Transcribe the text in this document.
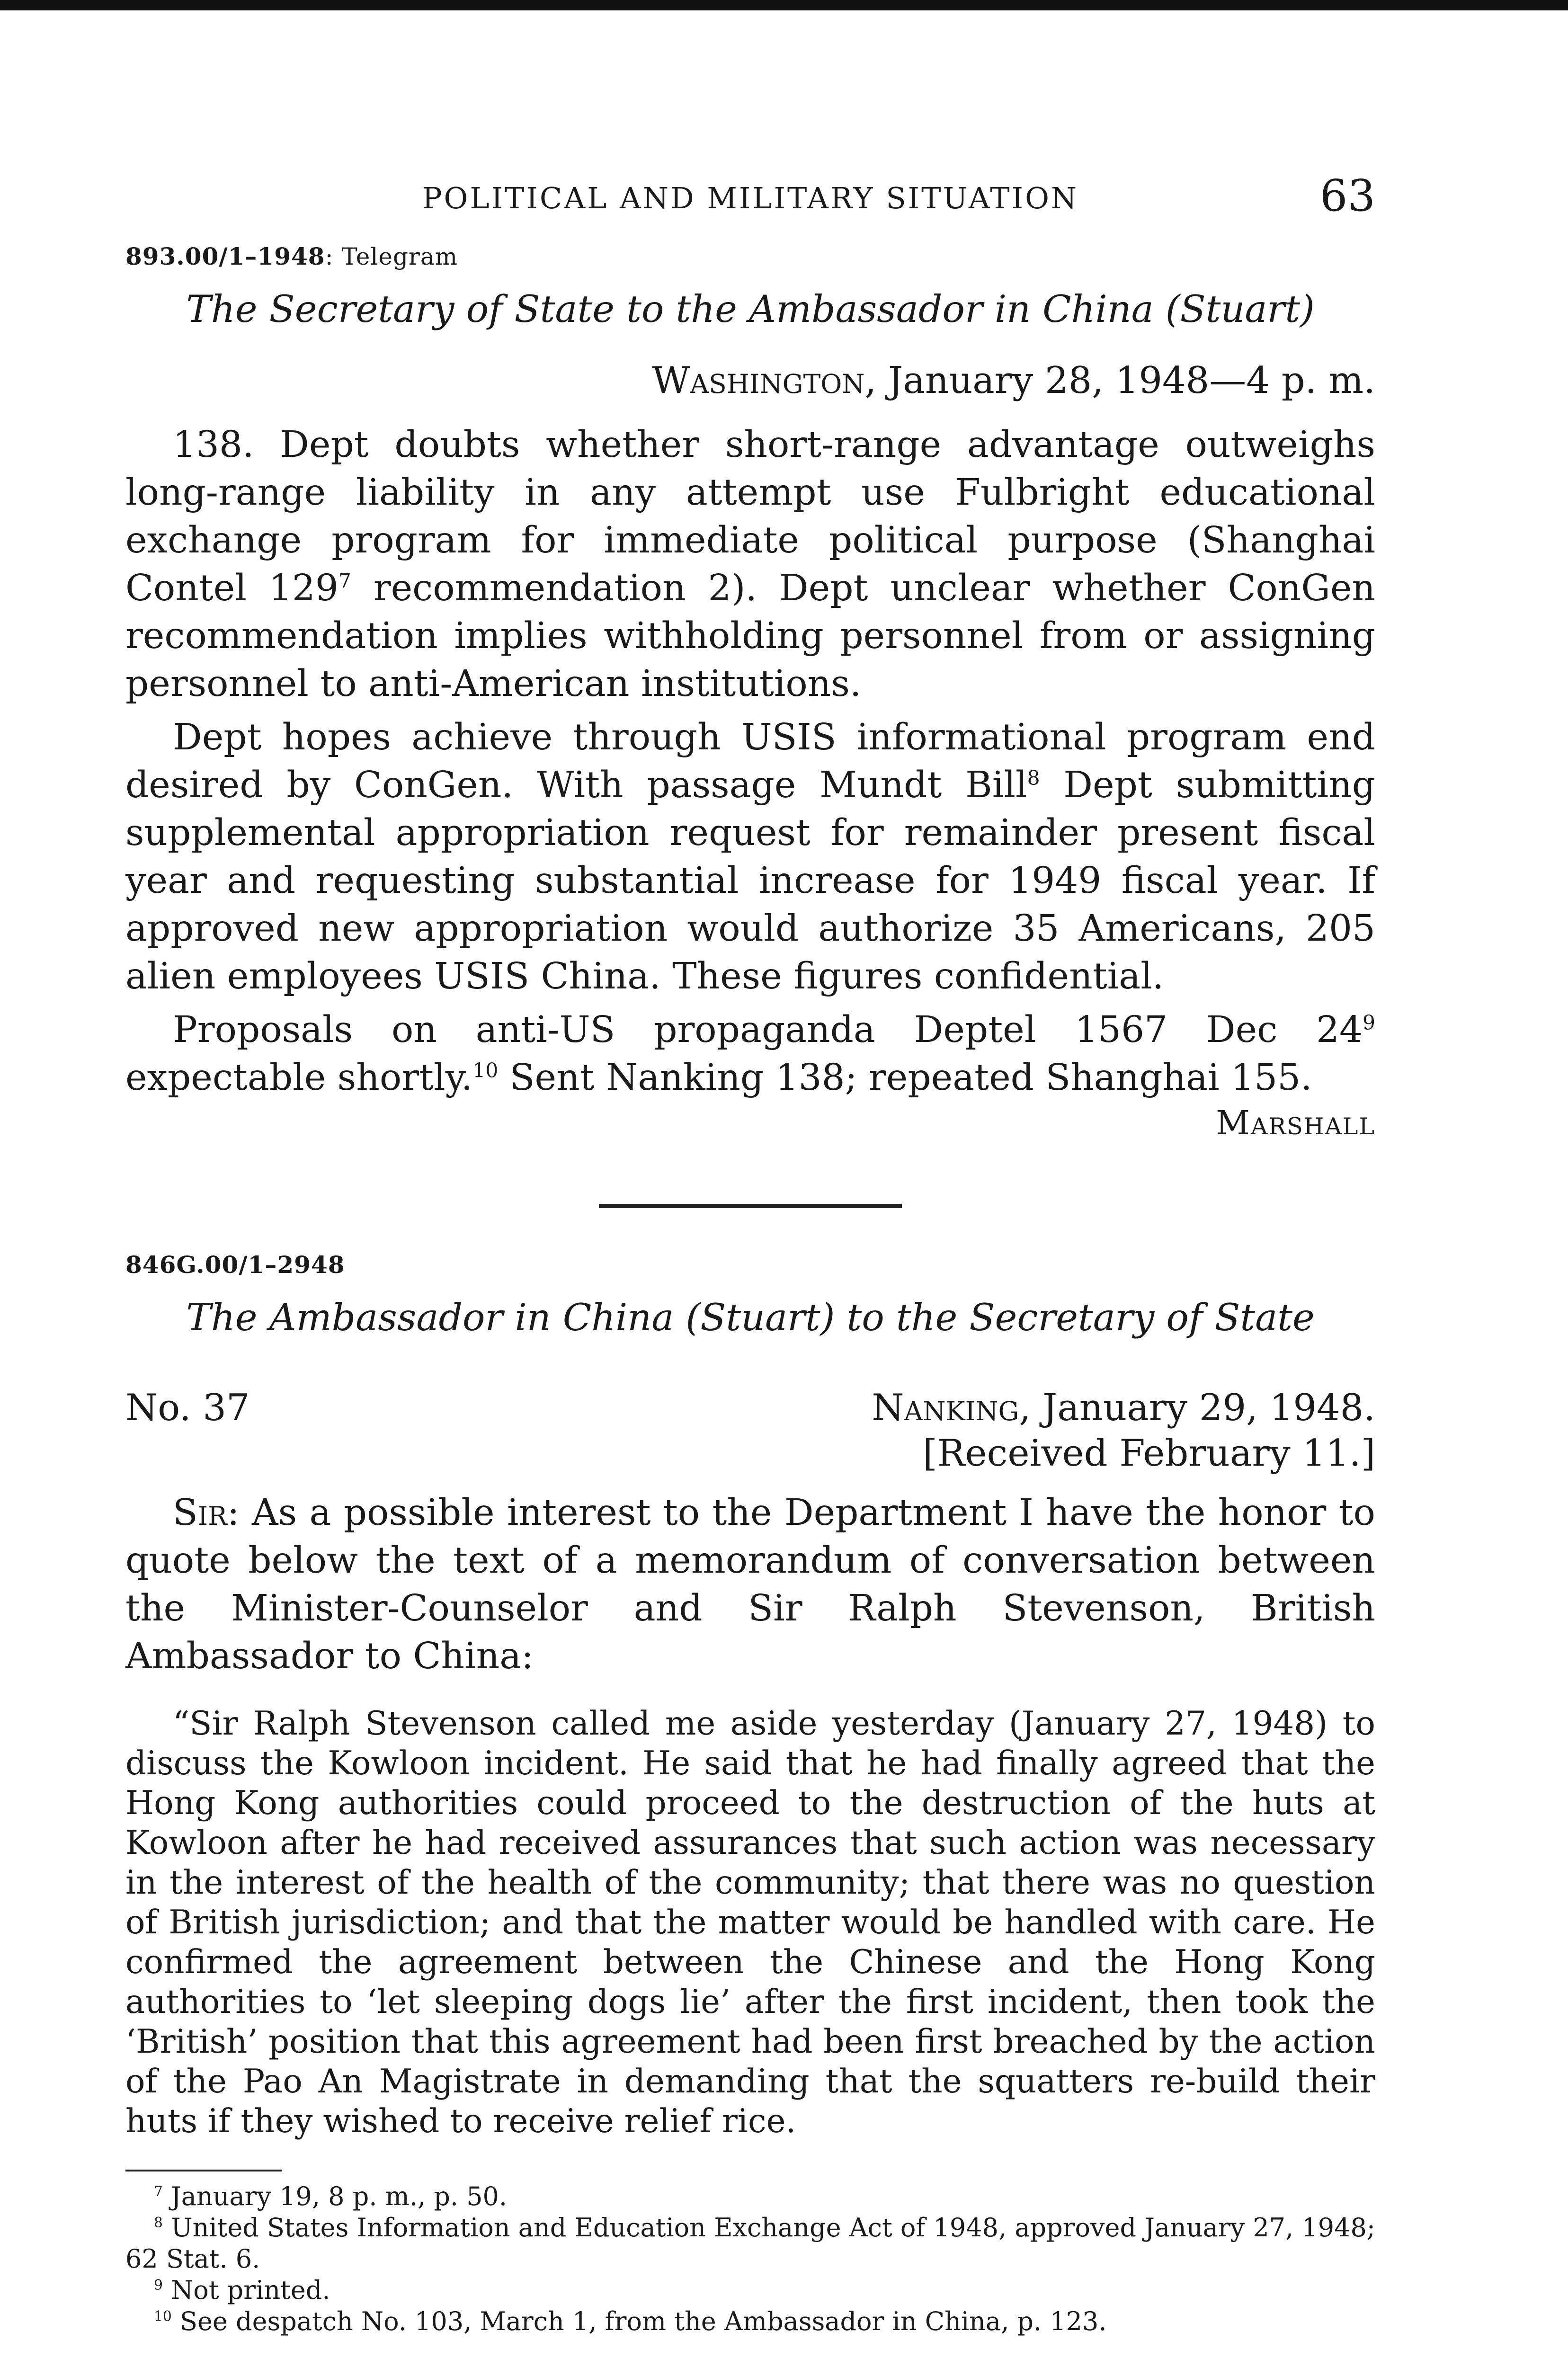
POLITICAL AND MILITARY SITUATION	63
893.00/1–1948: Telegram
The Secretary of State to the Ambassador in China (Stuart)
Washington, January 28, 1948—4 p. m.

138. Dept doubts whether short-range advantage outweighs long-range liability in any attempt use Fulbright educational exchange program for immediate political purpose (Shanghai Contel $129^7$ recommendation 2). Dept unclear whether ConGen recommendation implies withholding personnel from or assigning personnel to anti-American institutions.

Dept hopes achieve through USIS informational program end desired by ConGen. With passage Mundt Bill$^8$ Dept submitting supplemental appropriation request for remainder present fiscal year and requesting substantial increase for 1949 fiscal year. If approved new appropriation would authorize 35 Americans, 205 alien employees USIS China. These figures confidential.

Proposals on anti-US propaganda Deptel 1567 Dec $24^9$ expectable shortly.$^{10}$ Sent Nanking 138; repeated Shanghai 155.

Marshall
846G.00/1–2948
The Ambassador in China (Stuart) to the Secretary of State
No. 37	Nanking, January 29, 1948.
[Received February 11.]

Sir: As a possible interest to the Department I have the honor to quote below the text of a memorandum of conversation between the Minister-Counselor and Sir Ralph Stevenson, British Ambassador to China:

“Sir Ralph Stevenson called me aside yesterday (January 27, 1948) to discuss the Kowloon incident. He said that he had finally agreed that the Hong Kong authorities could proceed to the destruction of the huts at Kowloon after he had received assurances that such action was necessary in the interest of the health of the community; that there was no question of British jurisdiction; and that the matter would be handled with care. He confirmed the agreement between the Chinese and the Hong Kong authorities to ‘let sleeping dogs lie’ after the first incident, then took the ‘British’ position that this agreement had been first breached by the action of the Pao An Magistrate in demanding that the squatters re-build their huts if they wished to receive relief rice.

$^7$ January 19, 8 p. m., p. 50.
$^8$ United States Information and Education Exchange Act of 1948, approved January 27, 1948; 62 Stat. 6.
$^9$ Not printed.
$^{10}$ See despatch No. 103, March 1, from the Ambassador in China, p. 123.
